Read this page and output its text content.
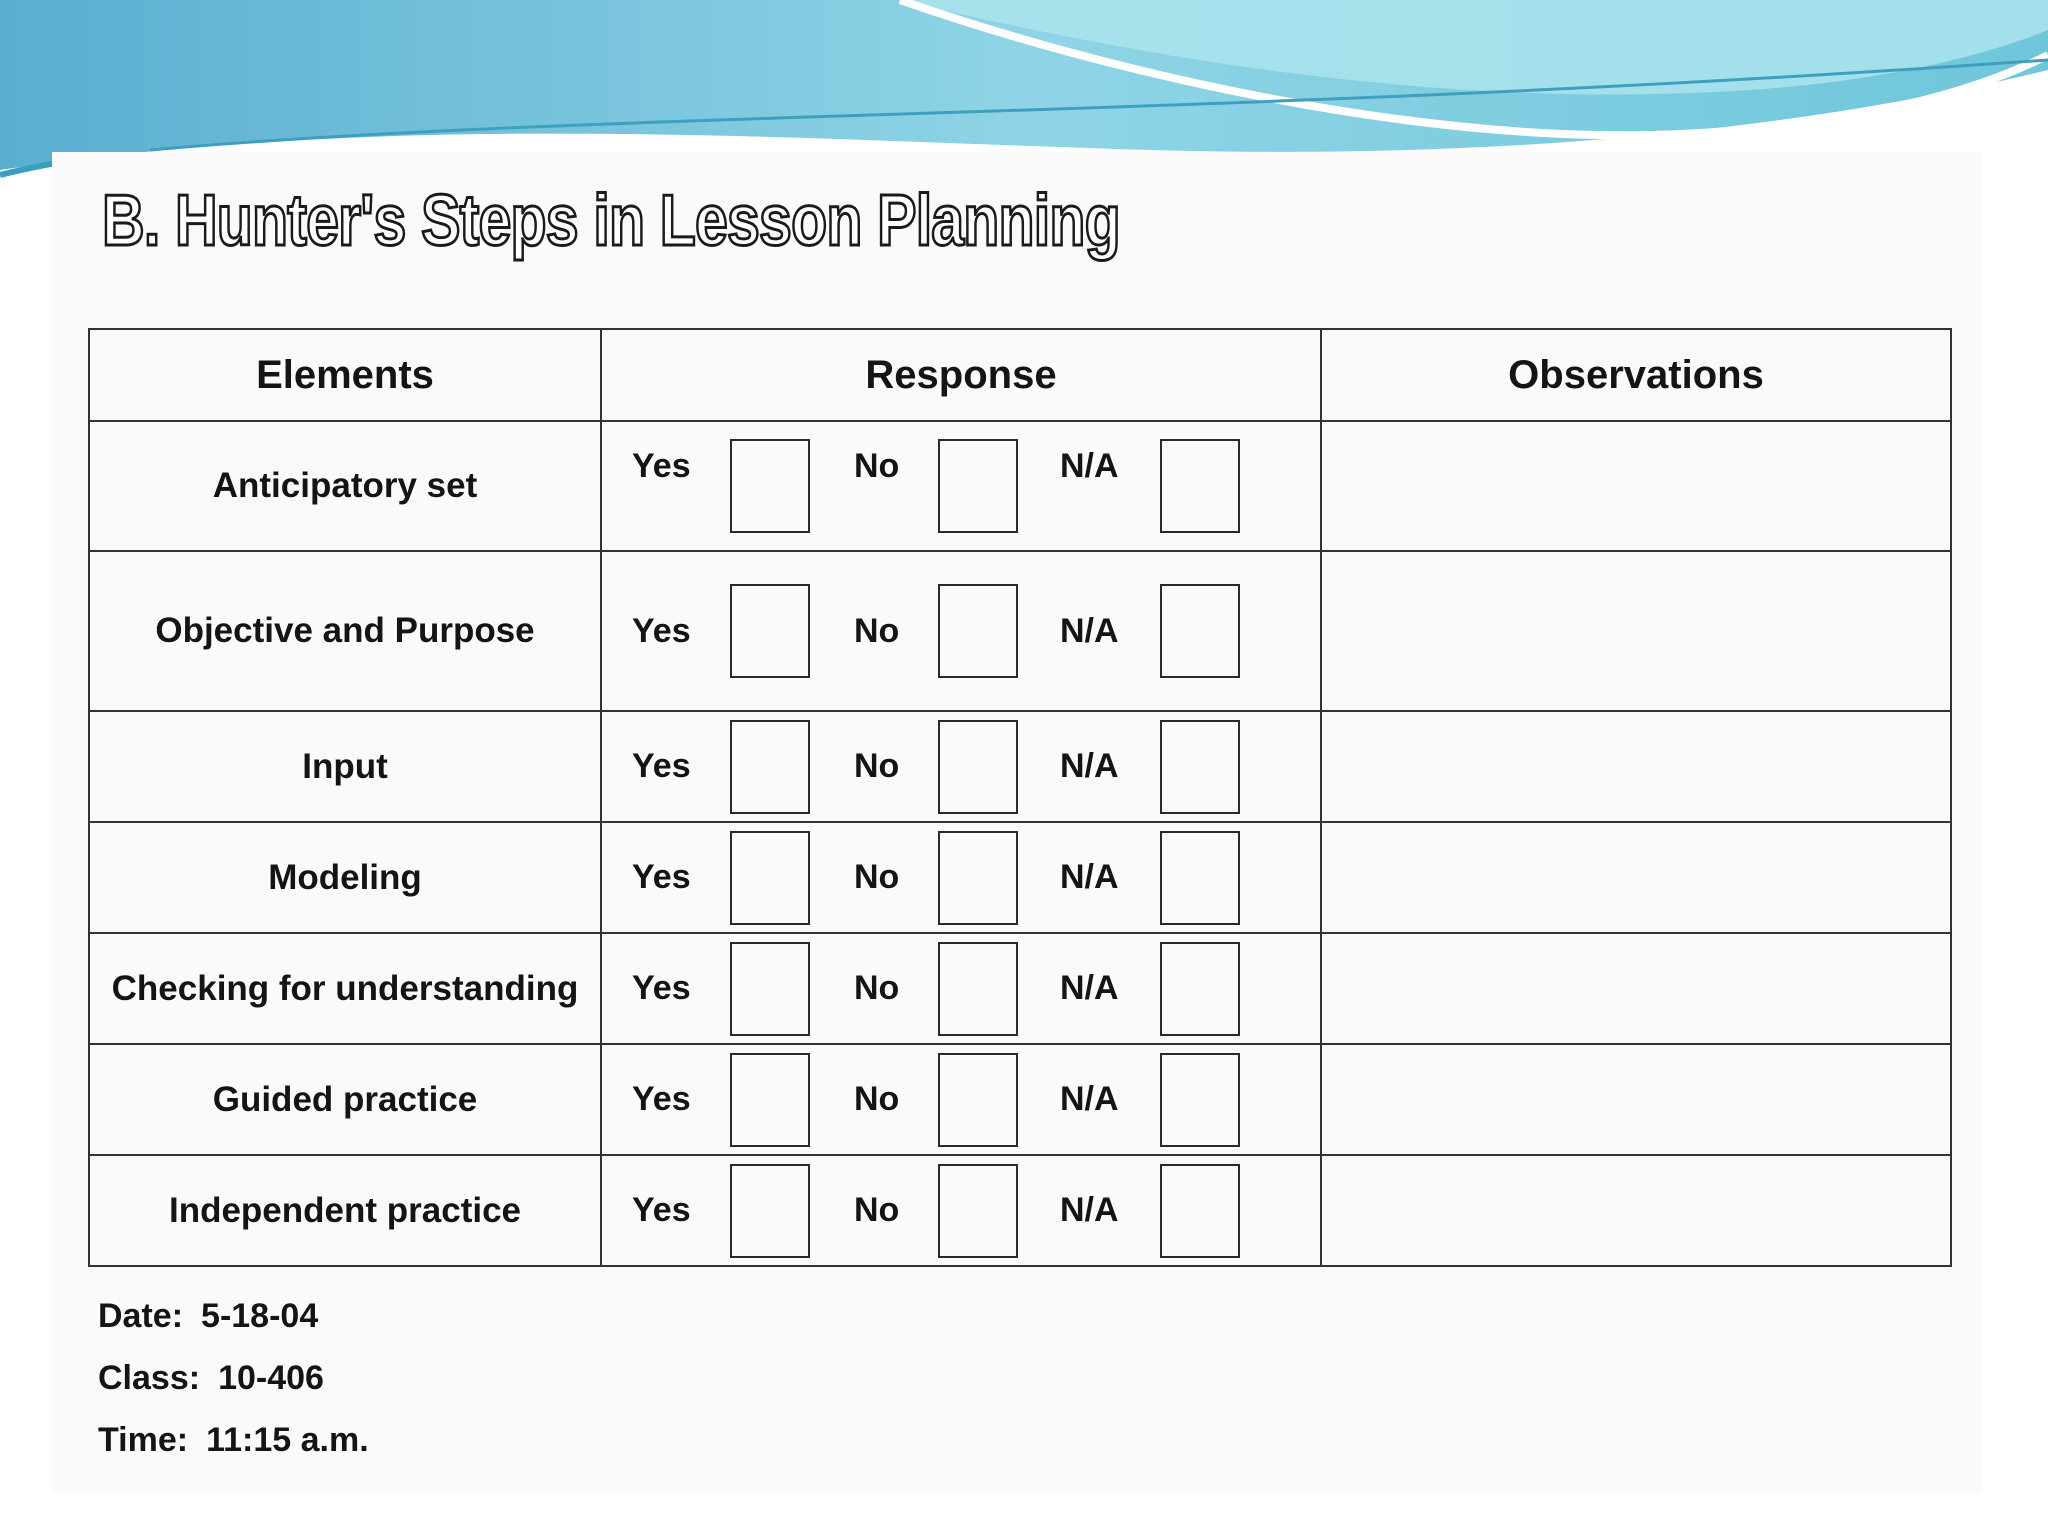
B. Hunter's Steps in Lesson Planning
Elements	Response	Observations
Anticipatory set	Yes No N/A	

Objective and Purpose	Yes No N/A	

Input	Yes No N/A	

Modeling	Yes No N/A	

Checking for understanding	Yes No N/A	

Guided practice	Yes No N/A	

Independent practice	Yes No N/A	

Date: 5-18-04
Class: 10-406
Time: 11:15 a.m.
